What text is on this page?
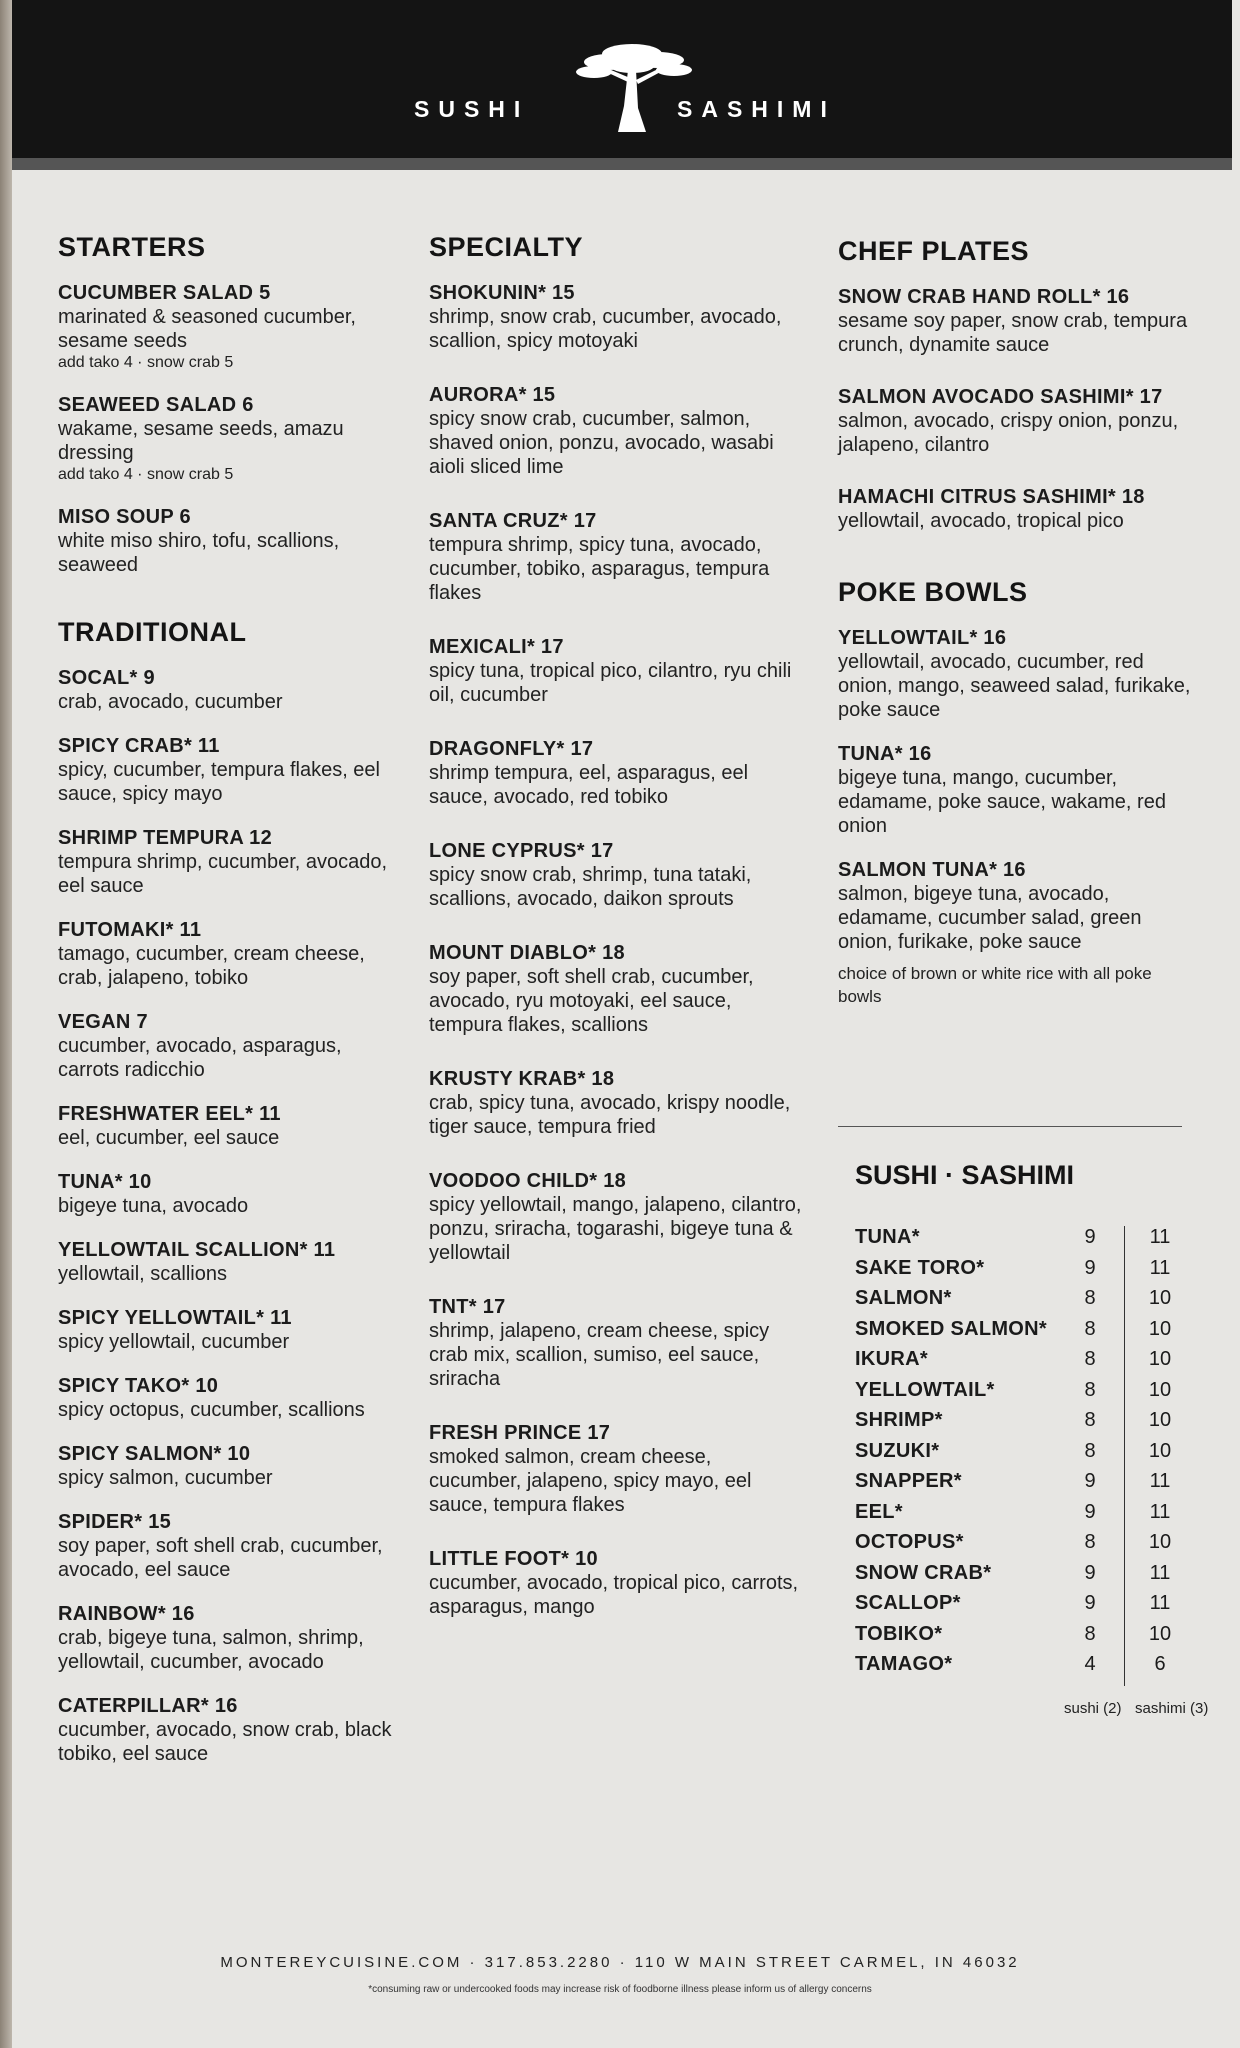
SUSHI	SASHIMI
STARTERS
CUCUMBER SALAD 5
marinated & seasoned cucumber, sesame seeds
add tako 4 · snow crab 5
SEAWEED SALAD 6
wakame, sesame seeds, amazu dressing
add tako 4 · snow crab 5
MISO SOUP 6
white miso shiro, tofu, scallions, seaweed
TRADITIONAL
SOCAL* 9
crab, avocado, cucumber
SPICY CRAB* 11
spicy, cucumber, tempura flakes, eel sauce, spicy mayo
SHRIMP TEMPURA 12
tempura shrimp, cucumber, avocado, eel sauce
FUTOMAKI* 11
tamago, cucumber, cream cheese, crab, jalapeno, tobiko
VEGAN 7
cucumber, avocado, asparagus, carrots radicchio
FRESHWATER EEL* 11
eel, cucumber, eel sauce
TUNA* 10
bigeye tuna, avocado
YELLOWTAIL SCALLION* 11
yellowtail, scallions
SPICY YELLOWTAIL* 11
spicy yellowtail, cucumber
SPICY TAKO* 10
spicy octopus, cucumber, scallions
SPICY SALMON* 10
spicy salmon, cucumber
SPIDER* 15
soy paper, soft shell crab, cucumber, avocado, eel sauce
RAINBOW* 16
crab, bigeye tuna, salmon, shrimp, yellowtail, cucumber, avocado
CATERPILLAR* 16
cucumber, avocado, snow crab, black tobiko, eel sauce
SPECIALTY
SHOKUNIN* 15
shrimp, snow crab, cucumber, avocado, scallion, spicy motoyaki
AURORA* 15
spicy snow crab, cucumber, salmon, shaved onion, ponzu, avocado, wasabi aioli sliced lime
SANTA CRUZ* 17
tempura shrimp, spicy tuna, avocado, cucumber, tobiko, asparagus, tempura flakes
MEXICALI* 17
spicy tuna, tropical pico, cilantro, ryu chili oil, cucumber
DRAGONFLY* 17
shrimp tempura, eel, asparagus, eel sauce, avocado, red tobiko
LONE CYPRUS* 17
spicy snow crab, shrimp, tuna tataki, scallions, avocado, daikon sprouts
MOUNT DIABLO* 18
soy paper, soft shell crab, cucumber, avocado, ryu motoyaki, eel sauce, tempura flakes, scallions
KRUSTY KRAB* 18
crab, spicy tuna, avocado, krispy noodle, tiger sauce, tempura fried
VOODOO CHILD* 18
spicy yellowtail, mango, jalapeno, cilantro, ponzu, sriracha, togarashi, bigeye tuna & yellowtail
TNT* 17
shrimp, jalapeno, cream cheese, spicy crab mix, scallion, sumiso, eel sauce, sriracha
FRESH PRINCE 17
smoked salmon, cream cheese, cucumber, jalapeno, spicy mayo, eel sauce, tempura flakes
LITTLE FOOT* 10
cucumber, avocado, tropical pico, carrots, asparagus, mango
CHEF PLATES
SNOW CRAB HAND ROLL* 16
sesame soy paper, snow crab, tempura crunch, dynamite sauce
SALMON AVOCADO SASHIMI* 17
salmon, avocado, crispy onion, ponzu, jalapeno, cilantro
HAMACHI CITRUS SASHIMI* 18
yellowtail, avocado, tropical pico
POKE BOWLS
YELLOWTAIL* 16
yellowtail, avocado, cucumber, red onion, mango, seaweed salad, furikake, poke sauce
TUNA* 16
bigeye tuna, mango, cucumber, edamame, poke sauce, wakame, red onion
SALMON TUNA* 16
salmon, bigeye tuna, avocado, edamame, cucumber salad, green onion, furikake, poke sauce
choice of brown or white rice with all poke bowls
SUSHI · SASHIMI
TUNA*	9	11
SAKE TORO*	9	11
SALMON*	8	10
SMOKED SALMON* 8	10
IKURA*	8	10
YELLOWTAIL*	8	10
SHRIMP*	8	10
SUZUKI*	8	10
SNAPPER*	9	11
EEL*	9	11
OCTOPUS*	8	10
SNOW CRAB*	9	11
SCALLOP*	9	11
TOBIKO*	8	10
TAMAGO*	4	6
sushi (2) sashimi (3)
MONTEREYCUISINE.COM · 317.853.2280 · 110 W MAIN STREET CARMEL, IN 46032
*consuming raw or undercooked foods may increase risk of foodborne illness please inform us of allergy concerns
